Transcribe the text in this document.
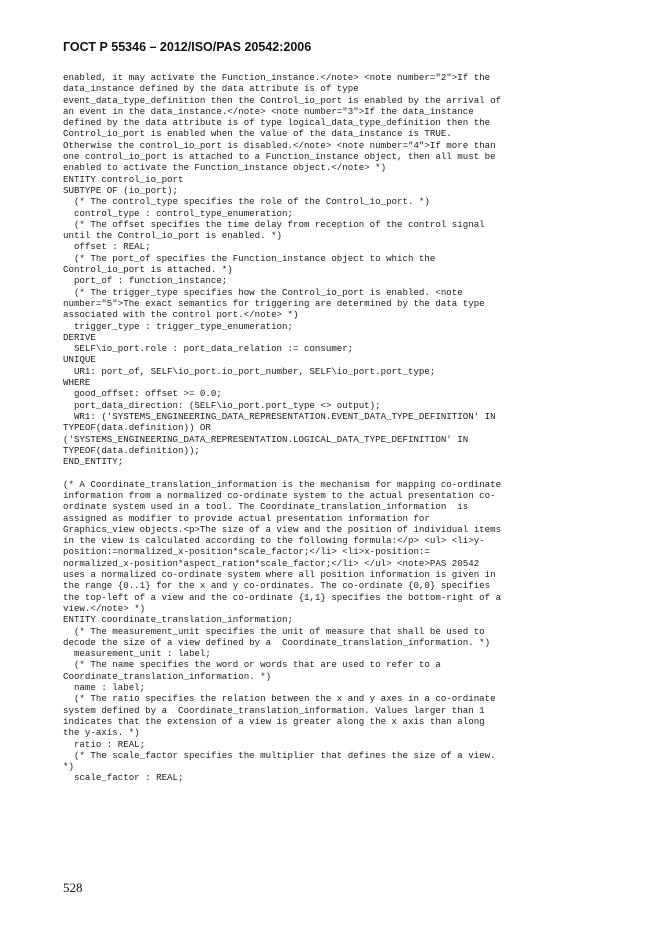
ГОСТ Р 55346 – 2012/ISO/PAS 20542:2006
enabled, it may activate the Function_instance.</note> <note number="2">If the
data_instance defined by the data attribute is of type
event_data_type_definition then the Control_io_port is enabled by the arrival of
an event in the data_instance.</note> <note number="3">If the data_instance
defined by the data attribute is of type logical_data_type_definition then the
Control_io_port is enabled when the value of the data_instance is TRUE.
Otherwise the control_io_port is disabled.</note> <note number="4">If more than
one control_io_port is attached to a Function_instance object, then all must be
enabled to activate the Function_instance object.</note> *)
ENTITY control_io_port
SUBTYPE OF (io_port);
(* The control_type specifies the role of the Control_io_port. *)
control_type : control_type_enumeration;
(* The offset specifies the time delay from reception of the control signal
until the Control_io_port is enabled. *)
offset : REAL;
(* The port_of specifies the Function_instance object to which the
Control_io_port is attached. *)
port_of : function_instance;
(* The trigger_type specifies how the Control_io_port is enabled. <note
number="5">The exact semantics for triggering are determined by the data type
associated with the control port.</note> *)
trigger_type : trigger_type_enumeration;
DERIVE
SELF\io_port.role : port_data_relation := consumer;
UNIQUE
UR1: port_of, SELF\io_port.io_port_number, SELF\io_port.port_type;
WHERE
good_offset: offset >= 0.0;
port_data_direction: (SELF\io_port.port_type <> output);
WR1: ('SYSTEMS_ENGINEERING_DATA_REPRESENTATION.EVENT_DATA_TYPE_DEFINITION' IN
TYPEOF(data.definition)) OR
('SYSTEMS_ENGINEERING_DATA_REPRESENTATION.LOGICAL_DATA_TYPE_DEFINITION' IN
TYPEOF(data.definition));
END_ENTITY;

(* A Coordinate_translation_information is the mechanism for mapping co-ordinate
information from a normalized co-ordinate system to the actual presentation co-
ordinate system used in a tool. The Coordinate_translation_information  is
assigned as modifier to provide actual presentation information for
Graphics_view objects.<p>The size of a view and the position of individual items
in the view is calculated according to the following formula:</p> <ul> <li>y-
position:=normalized_x-position*scale_factor;</li> <li>x-position:=
normalized_x-position*aspect_ration*scale_factor;</li> </ul> <note>PAS 20542
uses a normalized co-ordinate system where all position information is given in
the range {0..1} for the x and y co-ordinates. The co-ordinate {0,0} specifies
the top-left of a view and the co-ordinate {1,1} specifies the bottom-right of a
view.</note> *)
ENTITY coordinate_translation_information;
(* The measurement_unit specifies the unit of measure that shall be used to
decode the size of a view defined by a  Coordinate_translation_information. *)
measurement_unit : label;
(* The name specifies the word or words that are used to refer to a
Coordinate_translation_information. *)
name : label;
(* The ratio specifies the relation between the x and y axes in a co-ordinate
system defined by a  Coordinate_translation_information. Values larger than 1
indicates that the extension of a view is greater along the x axis than along
the y-axis. *)
ratio : REAL;
(* The scale_factor specifies the multiplier that defines the size of a view.
*)
scale_factor : REAL;
528
